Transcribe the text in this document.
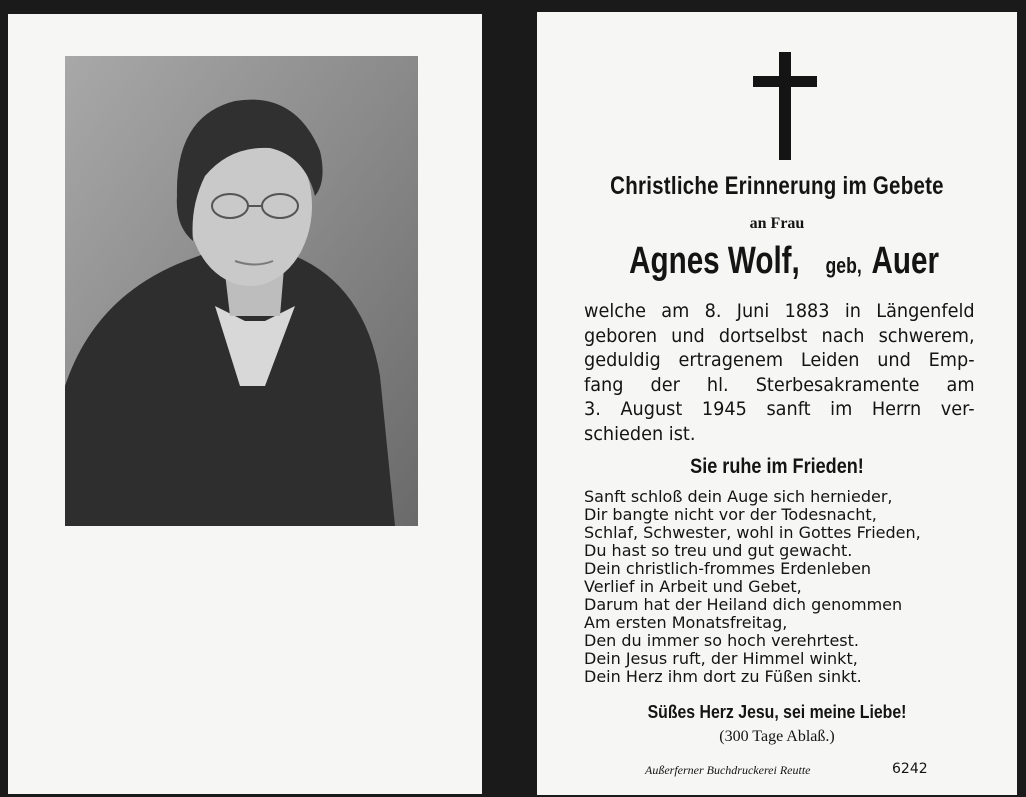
Christliche Erinnerung im Gebete
an Frau
Agnes Wolf, geb, Auer
welche am 8. Juni 1883 in Längenfeld
geboren und dortselbst nach schwerem,
geduldig ertragenem Leiden und Emp-
fang der hl. Sterbesakramente am
3. August 1945 sanft im Herrn ver-
schieden ist.
Sie ruhe im Frieden!
Sanft schloß dein Auge sich hernieder,
Dir bangte nicht vor der Todesnacht,
Schlaf, Schwester, wohl in Gottes Frieden,
Du hast so treu und gut gewacht.
Dein christlich-frommes Erdenleben
Verlief in Arbeit und Gebet,
Darum hat der Heiland dich genommen
Am ersten Monatsfreitag,
Den du immer so hoch verehrtest.
Dein Jesus ruft, der Himmel winkt,
Dein Herz ihm dort zu Füßen sinkt.
Süßes Herz Jesu, sei meine Liebe!
(300 Tage Ablaß.)
Außerferner Buchdruckerei Reutte	6242
